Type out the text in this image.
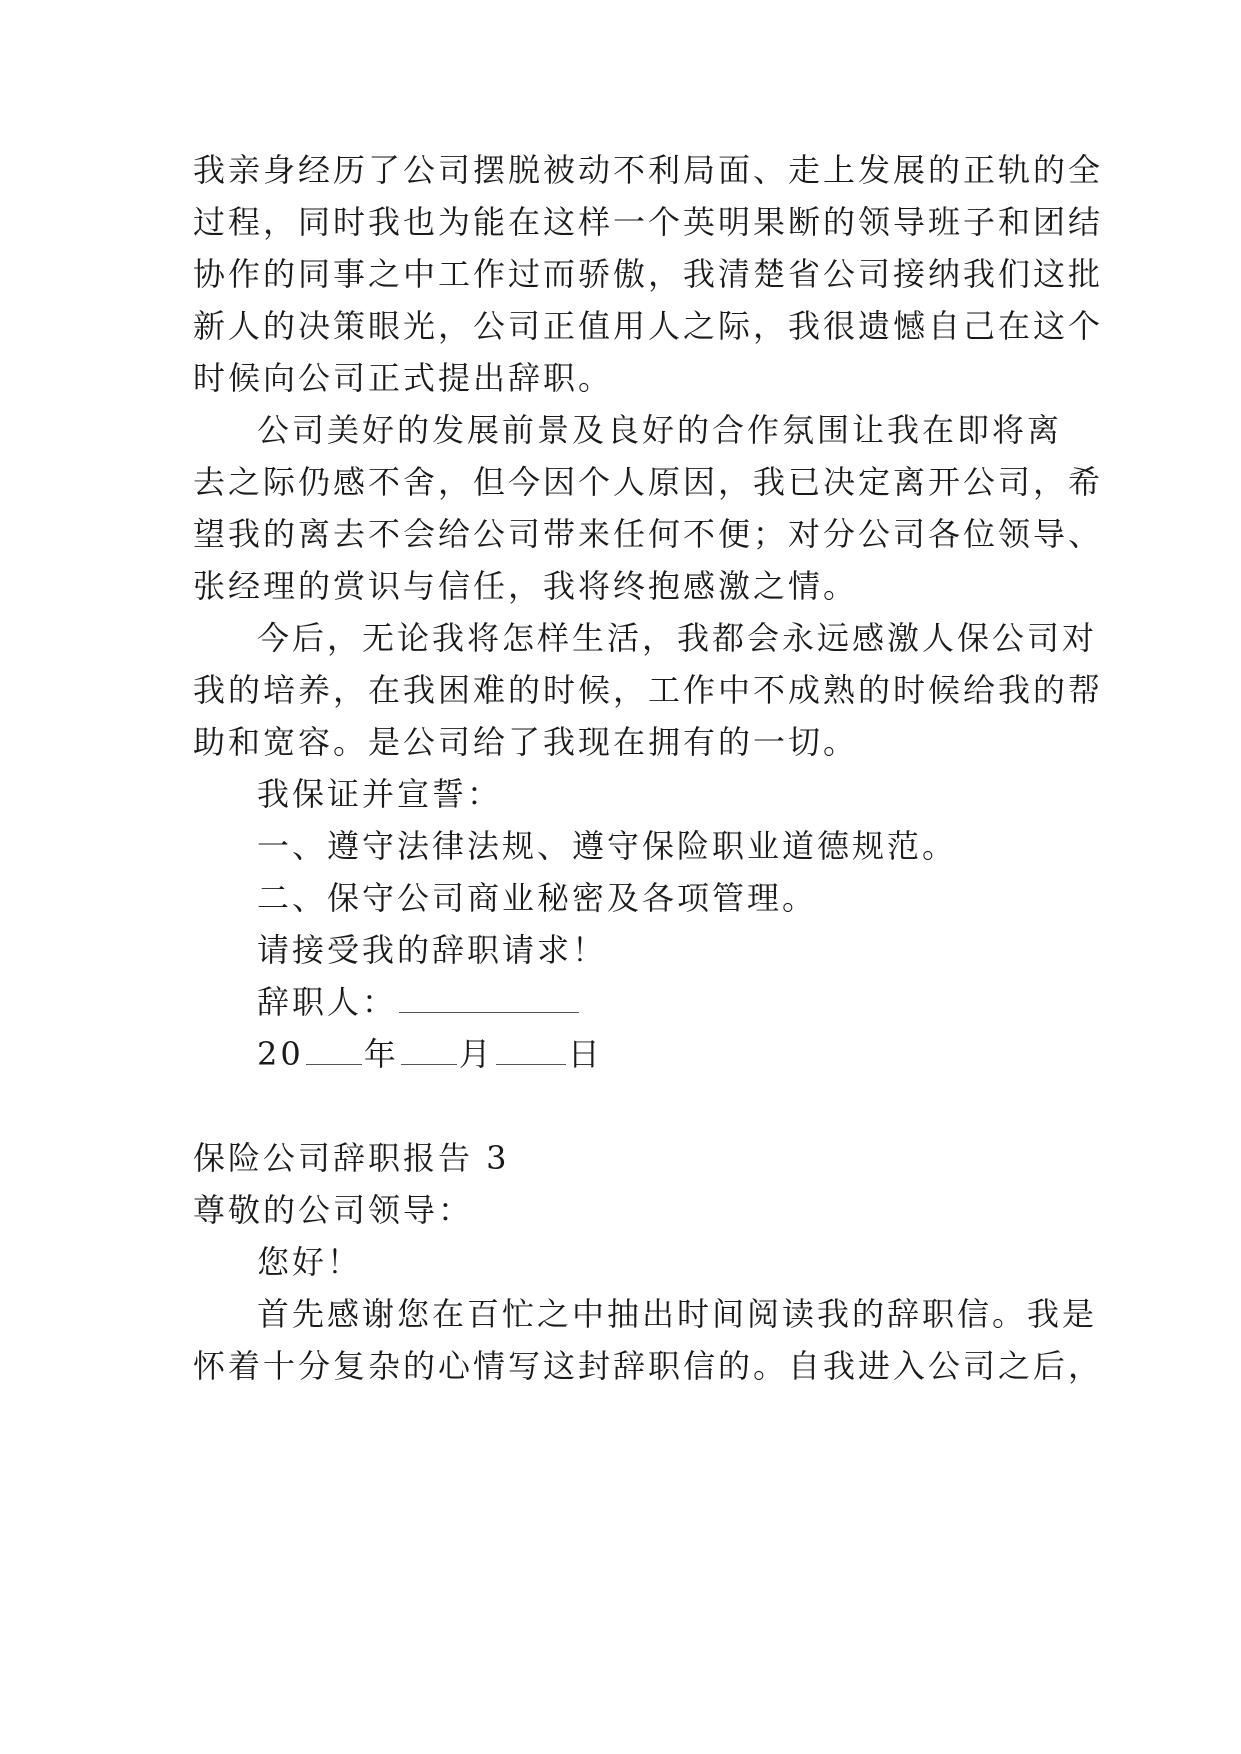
我亲身经历了公司摆脱被动不利局面、走上发展的正轨的全
过程，同时我也为能在这样一个英明果断的领导班子和团结
协作的同事之中工作过而骄傲，我清楚省公司接纳我们这批
新人的决策眼光，公司正值用人之际，我很遗憾自己在这个
时候向公司正式提出辞职。
公司美好的发展前景及良好的合作氛围让我在即将离
去之际仍感不舍，但今因个人原因，我已决定离开公司，希
望我的离去不会给公司带来任何不便；对分公司各位领导、
张经理的赏识与信任，我将终抱感激之情。
今后，无论我将怎样生活，我都会永远感激人保公司对
我的培养，在我困难的时候，工作中不成熟的时候给我的帮
助和宽容。是公司给了我现在拥有的一切。
我保证并宣誓：
一、遵守法律法规、遵守保险职业道德规范。
二、保守公司商业秘密及各项管理。
请接受我的辞职请求！
辞职人：
20 年 月 日
保险公司辞职报告 3
尊敬的公司领导：
您好！
首先感谢您在百忙之中抽出时间阅读我的辞职信。我是
怀着十分复杂的心情写这封辞职信的。自我进入公司之后，
